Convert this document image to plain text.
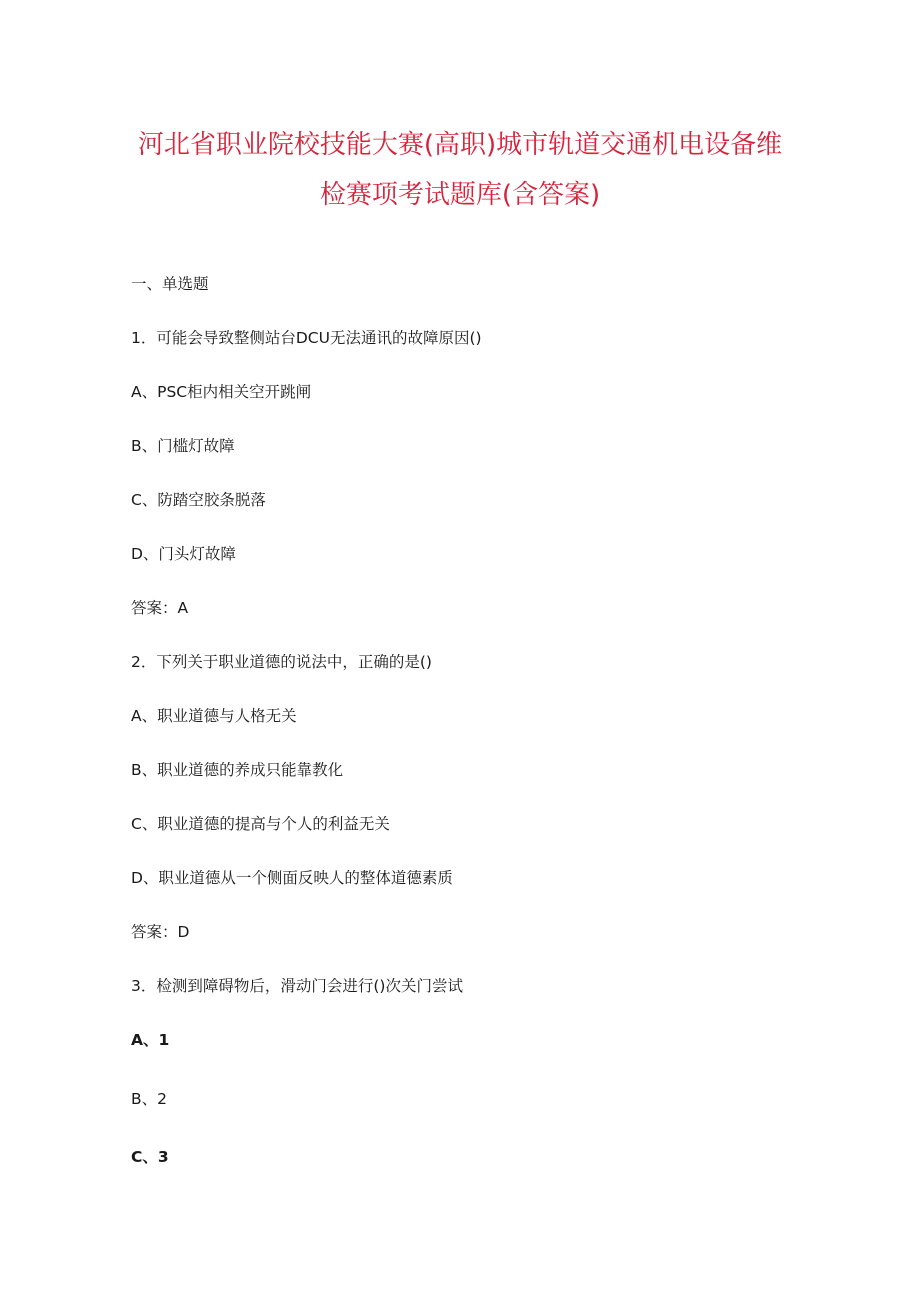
河北省职业院校技能大赛(高职)城市轨道交通机电设备维
检赛项考试题库(含答案)
一、单选题
1．可能会导致整侧站台DCU无法通讯的故障原因()
A、PSC柜内相关空开跳闸
B、门槛灯故障
C、防踏空胶条脱落
D、门头灯故障
答案：A
2．下列关于职业道德的说法中，正确的是()
A、职业道德与人格无关
B、职业道德的养成只能靠教化
C、职业道德的提高与个人的利益无关
D、职业道德从一个侧面反映人的整体道德素质
答案：D
3．检测到障碍物后，滑动门会进行()次关门尝试
A、1
B、2
C、3
